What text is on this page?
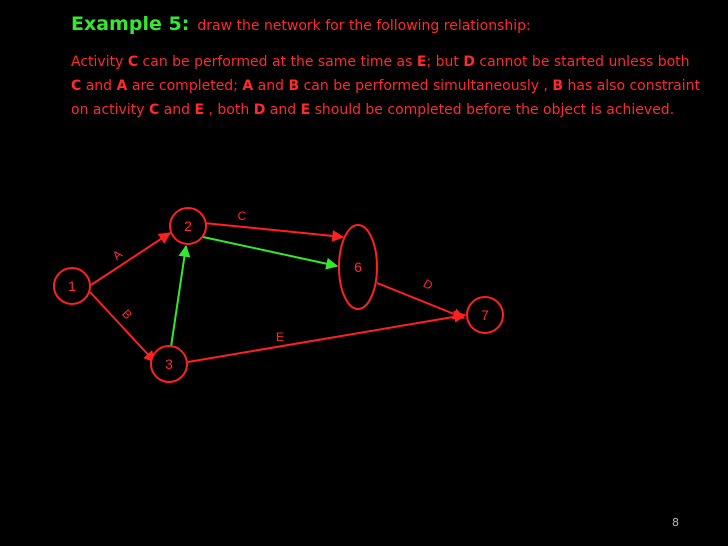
Example 5: draw the network for the following relationship:
Activity C can be performed at the same time as E; but D cannot be started unless both C and A are completed; A and B can be performed simultaneously , B has also constraint on activity C and E , both D and E should be completed before the object is achieved.
1
2
3
6
7
A
B
C
D
E
8
